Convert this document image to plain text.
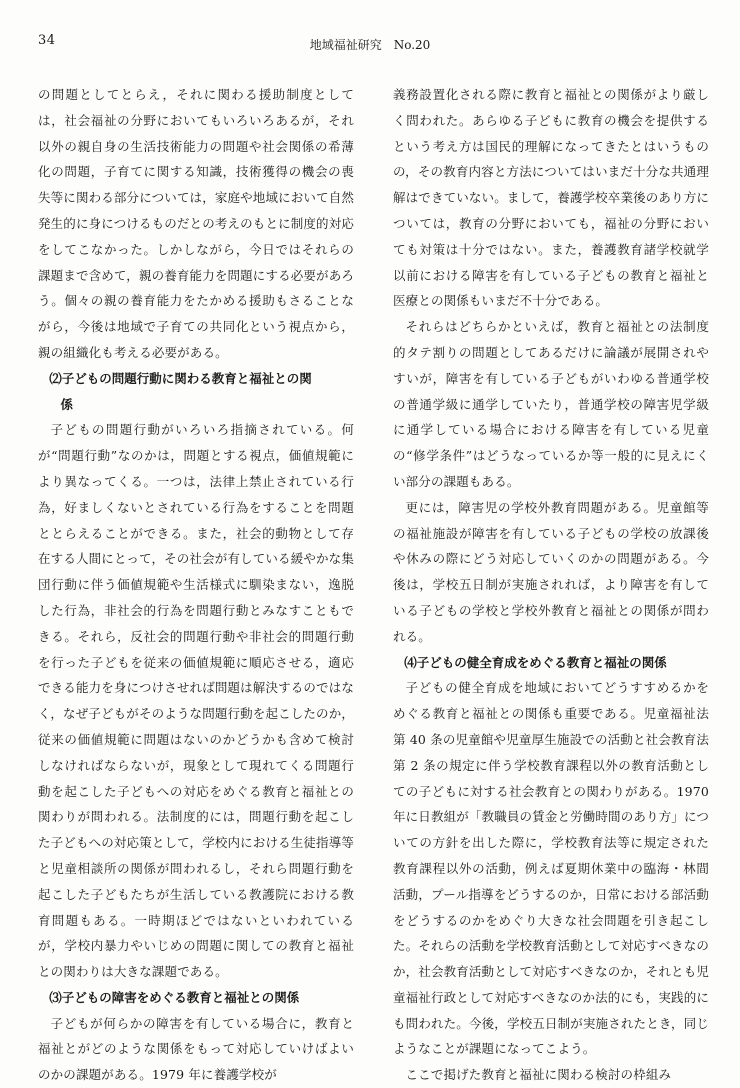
34	地域福祉研究　No.20

の問題としてとらえ，それに関わる援助制度としては，社会福祉の分野においてもいろいろあるが，それ以外の親自身の生活技術能力の問題や社会関係の希薄化の問題，子育てに関する知識，技術獲得の機会の喪失等に関わる部分については，家庭や地域において自然発生的に身につけるものだとの考えのもとに制度的対応をしてこなかった。しかしながら，今日ではそれらの課題まで含めて，親の養育能力を問題にする必要があろう。個々の親の養育能力をたかめる援助もさることながら，今後は地域で子育ての共同化という視点から，親の組織化も考える必要がある。

⑵子どもの問題行動に関わる教育と福祉との関
係

子どもの問題行動がいろいろ指摘されている。何が“問題行動”なのかは，問題とする視点，価値規範により異なってくる。一つは，法律上禁止されている行為，好ましくないとされている行為をすることを問題ととらえることができる。また，社会的動物として存在する人間にとって，その社会が有している緩やかな集団行動に伴う価値規範や生活様式に馴染まない，逸脱した行為，非社会的行為を問題行動とみなすこともできる。それら，反社会的問題行動や非社会的問題行動を行った子どもを従来の価値規範に順応させる，適応できる能力を身につけさせれば問題は解決するのではなく，なぜ子どもがそのような問題行動を起こしたのか，従来の価値規範に問題はないのかどうかも含めて検討しなければならないが，現象として現れてくる問題行動を起こした子どもへの対応をめぐる教育と福祉との関わりが問われる。法制度的には，問題行動を起こした子どもへの対応策として，学校内における生徒指導等と児童相談所の関係が問われるし，それら問題行動を起こした子どもたちが生活している教護院における教育問題もある。一時期ほどではないといわれているが，学校内暴力やいじめの問題に関しての教育と福祉との関わりは大きな課題である。

⑶子どもの障害をめぐる教育と福祉との関係

子どもが何らかの障害を有している場合に，教育と福祉とがどのような関係をもって対応していけばよいのかの課題がある。1979 年に養護学校が

義務設置化される際に教育と福祉との関係がより厳しく問われた。あらゆる子どもに教育の機会を提供するという考え方は国民的理解になってきたとはいうものの，その教育内容と方法についてはいまだ十分な共通理解はできていない。まして，養護学校卒業後のあり方については，教育の分野においても，福祉の分野においても対策は十分ではない。また，養護教育諸学校就学以前における障害を有している子どもの教育と福祉と医療との関係もいまだ不十分である。

それらはどちらかといえば，教育と福祉との法制度的タテ割りの問題としてあるだけに論議が展開されやすいが，障害を有している子どもがいわゆる普通学校の普通学級に通学していたり，普通学校の障害児学級に通学している場合における障害を有している児童の“修学条件”はどうなっているか等一般的に見えにくい部分の課題もある。

更には，障害児の学校外教育問題がある。児童館等の福祉施設が障害を有している子どもの学校の放課後や休みの際にどう対応していくのかの問題がある。今後は，学校五日制が実施されれば，より障害を有している子どもの学校と学校外教育と福祉との関係が問われる。

⑷子どもの健全育成をめぐる教育と福祉の関係

子どもの健全育成を地域においてどうすすめるかをめぐる教育と福祉との関係も重要である。児童福祉法第 40 条の児童館や児童厚生施設での活動と社会教育法第 2 条の規定に伴う学校教育課程以外の教育活動としての子どもに対する社会教育との関わりがある。1970 年に日教組が「教職員の賃金と労働時間のあり方」についての方針を出した際に，学校教育法等に規定された教育課程以外の活動，例えば夏期休業中の臨海・林間活動，プール指導をどうするのか，日常における部活動をどうするのかをめぐり大きな社会問題を引き起こした。それらの活動を学校教育活動として対応すべきなのか，社会教育活動として対応すべきなのか，それとも児童福祉行政として対応すべきなのか法的にも，実践的にも問われた。今後，学校五日制が実施されたとき，同じようなことが課題になってこよう。

ここで掲げた教育と福祉に関わる検討の枠組み
